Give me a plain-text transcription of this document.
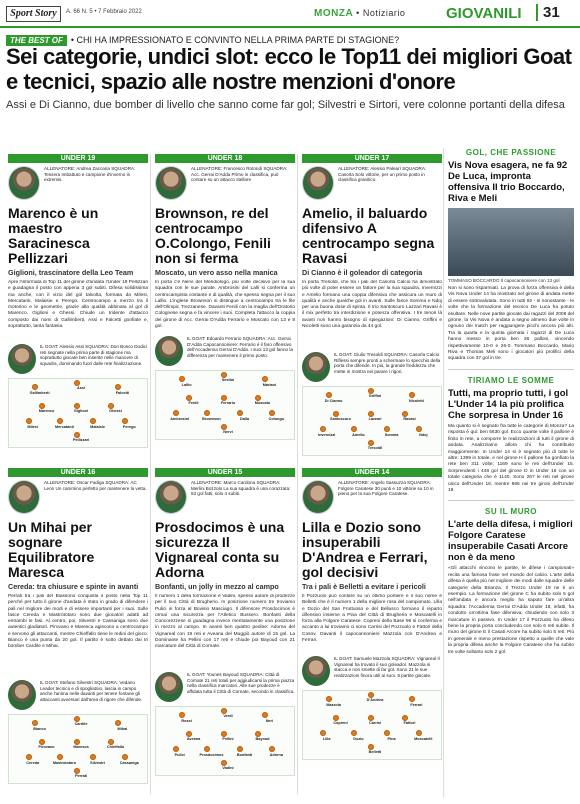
Sport Story	A. 66 N. 5 • 7 Febbraio 2022	MONZA • Notiziario	GIOVANILI	31
THE BEST OF • CHI HA IMPRESSIONATO E CONVINTO NELLA PRIMA PARTE DI STAGIONE?
Sei categorie, undici slot: ecco le Top11 dei migliori Goat e tecnici, spazio alle nostre menzioni d'onore
Assi e Di Cianno, due bomber di livello che sanno come far gol; Silvestri e Sirtori, vere colonne portanti della difesa
UNDER 19
ALLENATORE: Andrea Zaccaria SQUADRA: Tessera Imbattuto e campione d'inverno in extremis.
Marenco è un maestro Saracinesca Pellizzari
Giglioni, trascinatore della Leo Team
Apre l'informata di Top 11 del girone d'andata l'Under 19 Pellizzari e guadagna il posto con appena 3 gol subiti. Difesa solidissima ma anche, con il vizio del gol talvolta, formata da Milesi, Mercatanti, Malaisie e Perego. Centrocampo a mezzo tra il motorino e le geometrie, grazie alla qualità abbinata al gol di Marenco, Giglioni e Ghessi. Chiude un tridente d'attacco composto dai nomi di Gallimberti, Assi e Falcetti gonfiate e, soprattutto, tanta fantasia.
IL GOAT: Alessio Assi SQUADRA: Don Bosco Dodici reti segnate nella prima parte di stagione ma soprattutto giocate ben inserite nelle manovre di squadra, dominando fuori dalle rete finalizzazione.
Pellizzari
Milesi	Mercatanti	Malaisie	Perego
Marenco	Giglioni	Ghessi
Gallimberti
Assi
Falcetti
UNDER 18
ALLENATORE: Francesco Rotondi SQUADRA: Acc. Gerrai D'Adda Primo in classifica, può contare su un attacco stellare
Brownson, re del centrocampo O.Colongo, Fenili non si ferma
Moscato, un vero asso nella manica
In porta c'è Nervi del Meridiologo, più volte decisivo per la sua squadra con le sue parate. Ambrosini del Lalli si conferma un centrocampista costante e di qualità, che spesso segna per il suo Lallio. L'inglese Brownson si distingue a centrocampo tra le file dell'Olimpic Trezzanese. Davanti Fenili con la maglia dell'Oratorio Colognese segna e fa vincere i suoi. Completa l'attacco la coppia del girone di Acc. Gerrai D'Adda Ferrario e Moscato con 13 e 8 gol.
IL GOAT: Edoardo Ferrario SQUADRA: Acc. Gerrai D'Adda Capocannoniere: Ferrario è il faro offensivo dell'Accademia Gerrai D'Adda. I suoi 13 gol fanno la differenza per mantenere il primo posto.
Nervi
Ambrosini	Brownson	Dalla	Colongo
Fenili	Ferrario	Moscato
Lallio
Sestini
Mariani
UNDER 17
ALLENATORE: Alessio Palearì SQUADRA: Casorla Solo vittorie, per un primo posto in classifica granitico.
Amelio, il baluardo difensivo A centrocampo segna Ravasi
Di Cianno è il goleador di categoria
In porta Tresoldi, che tra i pali del Casorla Calcio ha dimostrato più volte di poter essere un fattore per la sua squadra. Invernizzi e Amelio formano una coppia difensiva che assicura un muro di qualità e anche qualche gol in avanti. Sulle fasce Somma e Ndoj per una buona dose di spinta. Il trio Santoscuro Lazzari Ravasi è il mix perfetto tra interdizione e potenza offensiva. I tre tenori là avanti non hanno bisogno di spiegazioni: Di Cianno, Griffini e Nicoletti sono una garanzia da 44 gol.
IL GOAT: Giulio Tresoldi SQUADRA: Casorla Calcio Riflessi sempre pronti a schermare lo specchio della porta che difende. In più, la grande freddezza che mette in mostra nei parare i rigori.
Tresoldi
Invernizzi	Amelio	Somma	Ndoj
Santoscuro	Lazzari	Ravasi
Di Cianno
Griffini
Nicoletti
UNDER 16
ALLENATORE: Oscar Fadiga SQUADRA: AC Leon Un cammino perfetto per mantenere la vetta.
Un Mihai per sognare Equilibratore Maresca
Cereda: tra chiusure e spinte in avanti
Perrati tra i pali del Biassono conquista il posto nella Top 11 perché per tutto il girone d'andata è stato in grado di difendere i pali nel migliore dei modi e di essere importanti per i suoi. Sulle fasce Cereda e Mastrototaro sono due giocatori adatti ad entrambi le fasi. Al centro, poi, Silvestri e Cassaniga sono due autentici gladiatori. Pirovano e Maresca agiscono a centrocampo e servono gli attaccanti, mentre Chieffallo tiene le redini del gioco. Bianco è una punta da 20 gol. Il partito è sotto dettato dai tri bomber Cardile e Mihai.
IL GOAT: Stefano Silvestri SQUADRA: Vedano Leader tecnico e di spogliatoio, lascia in campo anche l'anima nelle davanti per tenere fontane gli attaccanti avversari dall'area di rigore che difende.
Perrati
Cereda	Mastrototaro	Silvestri	Cassaniga
Pirovano	Maresca	Chieffallo
Bianco
Cardile
Mihai
UNDER 15
ALLENATORE: Marco Cardona SQUADRA: Merlini Bozzolo La sua squadra è una corazzata: 53 gol fatti, solo 4 subiti.
Prosdocimos è una sicurezza Il Vignareal conta su Adorna
Bonfanti, un jolly in mezzo al campo
Il numero 1 della formazione è Vadini, spesso autore di prodezze per il suo Città di Brugherio. In posizione numero tre troviamo Pulici in forza al Bovisio Masciago. Il difensore Prosdocimos è ormai una sicurezza per l'Atletico Bussero. Bonfanti della Concorezzese si guadagna invece meritatamente una posizione in mezzo al campo. In avanti ben quattro pedine: Adorna del Vignareal con 19 reti e Aveana del Muggiò autore di 15 gol. La Dominante ha Pellini con 17 reti e chiude poi Bayoud con 21 marcature del Città di Cornate.
IL GOAT: Younes Bayoud SQUADRA: Città di Cornate 21 reti totali per aggiudicarsi la prima piazza nella classifica marcatori. Alle sue prodezze è affidata tutta il Città di Cornate, secondo in classifica.
Vadini
Pulici	Prosdocimos	Bonfanti	Adorna
Aveana	Pellini	Bayoud
Rossi
Verdi
Neri
UNDER 14
ALLENATORE: Angelo Sassuzza SQUADRA: Folgore Caratese 30 punti e 10 vittorie su 10 in pieno per la sua Folgore Caratese.
Lilla e Dozio sono insuperabili D'Andrea e Ferrari, gol decisivi
Tra i pali è Belletti a evitare i pericoli
Il Pozzuolo può contare su un ottimo portiere e il suo nome è Belletti che è il numero 1 della migliore rosa del campionato. Lilla e Dozio del San Fruttuoso e del Bellusco formano il reparto difensivo insieme a Pina del Città di Brugherio e Moscatelli in forza alla Folgore Caratese. Copreni della Base 96 si conferma e accanto a lui troviamo ci sono Carrisi del Pozzuolo e Fattori della Cosov. Davanti il capocannoniere Mazzola con D'Andrea e Ferrari.
IL GOAT: Samuele Mazzola SQUADRA: Vignareal Il Vignareal ha trovato il suo goleador. Mazzola si stacca e non smette di far gol. Sono 21 le sue realizzazioni finora utili ai suoi. 9 partite giocate.
Belletti
Lilla	Dozio	Pina	Moscatelli
Copreni	Carrisi	Fattori
Mazzola
D'Andrea
Ferrari
GOL, CHE PASSIONE
Vis Nova esagera, ne fa 92 De Luca, impronta offensiva Il trio Boccardo, Riva e Meli
TOMMASO BOCCARDO Il capocannoniere con 13 gol
Non si sono risparmiati. La prova di forza offensiva è della Vis Nova Under 14 ha mostrato nel girone di andata mette di essere sottovalutata. Sono in tutti 92 - si nonostante - le volte che la formazione del tecnico De Luca ha potuto esultare. Nelle nove partite giocate dai ragazzi del 2008 del girone, la Vis Nova è andata a segno almeno due volte in ognuno dei match per raggiungere picchi ancora più alti. Tra la quarta e la quinta giornata i ragazzi di De Luca hanno messo in porta ben 36 palloni, vincendo rispettivamente 10-0 e 26-0. Tommaso Boccardo, Mario Riva e Thomas Meli sono i giocatori più prolifici della squadra con 37 gol in tre.
TIRIAMO LE SOMME
Tutti, ma proprio tutti, i gol L'Under 14 la più prolifica Che sorpresa in Under 16
Ma quanto si è segnato fra tutte le categorie di Monza? La risposta è qui: ben 5630 gol. Ecco quante volte il pallone è finito in rete, a comporre le realizzazioni di tutti il girone di andata. Analizziamo allora chi ha contribuito maggiormente. In Under 14 si è segnato più di tutte le altre: 1399 in totale, e nel girone H il pallone ha gonfiato la rete ben 311 volte; 1169 sono le reti dell'Under 15. Sorprendenti i 448 gol del girone D in Under 16 con un totale categoria che è 1140. Sono 267 le reti nel girone unico dell'Under 18, mentre 866 nei tre gironi dell'Under 19.
SU IL MURO
L'arte della difesa, i migliori Folgore Caratese insuperabile Casati Arcore non è da meno
«Gli attacchi vincono le partite, le difese i campionati» recita una famosa frase nel mondo del calcio. L'arte della difesa è quella più nel migliore dei modi dalle squadre delle categorie della Brianza. Il Trezzo Under 19 ne è un esempio. La formazione del girone C ha subito solo 5 gol nell'andata e ancora meglio ha saputo fare un'altra squadra: l'Accademia Gerrai D'Adda Under 18, infatti, ha condotto un'ottima fase difensiva, chiudendo con solo 3 marcature in passivo. In Under 17 il Pozzuolo ha difeso bene la propria porta concludendo con solo 6 reti subite. Il muro del girone E il Casati Arcore ha subito solo 5 reti. Più in generale e meno prestazione rispetto a quelle che vale la propria difesa anche la Folgore Caratese che ha subito tre volte soltanto solo 2 gol.
